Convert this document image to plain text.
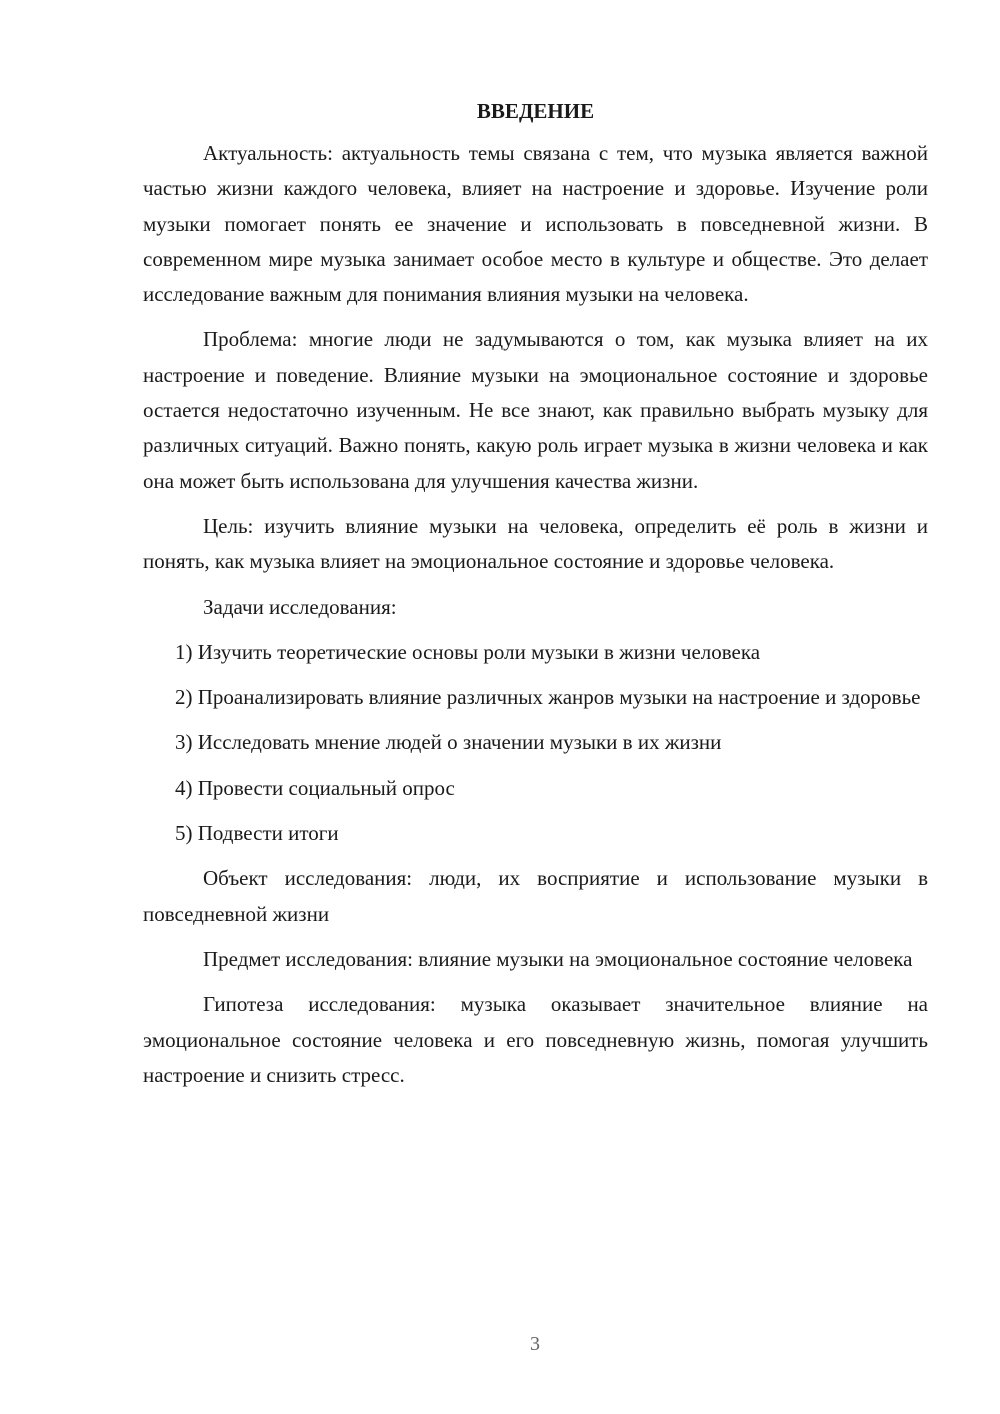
ВВЕДЕНИЕ

Актуальность: актуальность темы связана с тем, что музыка является важной частью жизни каждого человека, влияет на настроение и здоровье. Изучение роли музыки помогает понять ее значение и использовать в повседневной жизни. В современном мире музыка занимает особое место в культуре и обществе. Это делает исследование важным для понимания влияния музыки на человека.

Проблема: многие люди не задумываются о том, как музыка влияет на их настроение и поведение. Влияние музыки на эмоциональное состояние и здоровье остается недостаточно изученным. Не все знают, как правильно выбрать музыку для различных ситуаций. Важно понять, какую роль играет музыка в жизни человека и как она может быть использована для улучшения качества жизни.

Цель: изучить влияние музыки на человека, определить её роль в жизни и понять, как музыка влияет на эмоциональное состояние и здоровье человека.

Задачи исследования:

1) Изучить теоретические основы роли музыки в жизни человека

2) Проанализировать влияние различных жанров музыки на настроение и здоровье

3) Исследовать мнение людей о значении музыки в их жизни

4) Провести социальный опрос

5) Подвести итоги

Объект исследования: люди, их восприятие и использование музыки в повседневной жизни

Предмет исследования: влияние музыки на эмоциональное состояние человека

Гипотеза исследования: музыка оказывает значительное влияние на эмоциональное состояние человека и его повседневную жизнь, помогая улучшить настроение и снизить стресс.

3
